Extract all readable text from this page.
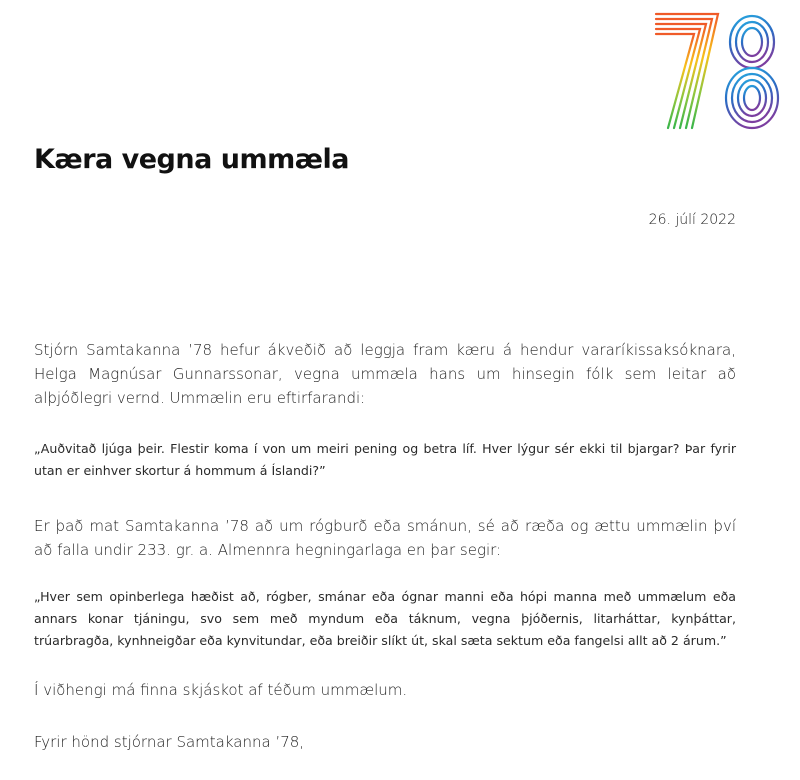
Kæra vegna ummæla
26. júlí 2022

Stjórn Samtakanna ’78 hefur ákveðið að leggja fram kæru á hendur vararíkissaksóknara, Helga Magnúsar Gunnarssonar, vegna ummæla hans um hinsegin fólk sem leitar að alþjóðlegri vernd. Ummælin eru eftirfarandi:

„Auðvitað ljúga þeir. Flestir koma í von um meiri pening og betra líf. Hver lýgur sér ekki til bjargar? Þar fyrir utan er einhver skortur á hommum á Íslandi?”

Er það mat Samtakanna ’78 að um rógburð eða smánun, sé að ræða og ættu ummælin því að falla undir 233. gr. a. Almennra hegningarlaga en þar segir:

„Hver sem opinberlega hæðist að, rógber, smánar eða ógnar manni eða hópi manna með ummælum eða annars konar tjáningu, svo sem með myndum eða táknum, vegna þjóðernis, litarháttar, kynþáttar, trúarbragða, kynhneigðar eða kynvitundar, eða breiðir slíkt út, skal sæta sektum eða fangelsi allt að 2 árum.”

Í viðhengi má finna skjáskot af téðum ummælum.

Fyrir hönd stjórnar Samtakanna ’78,
